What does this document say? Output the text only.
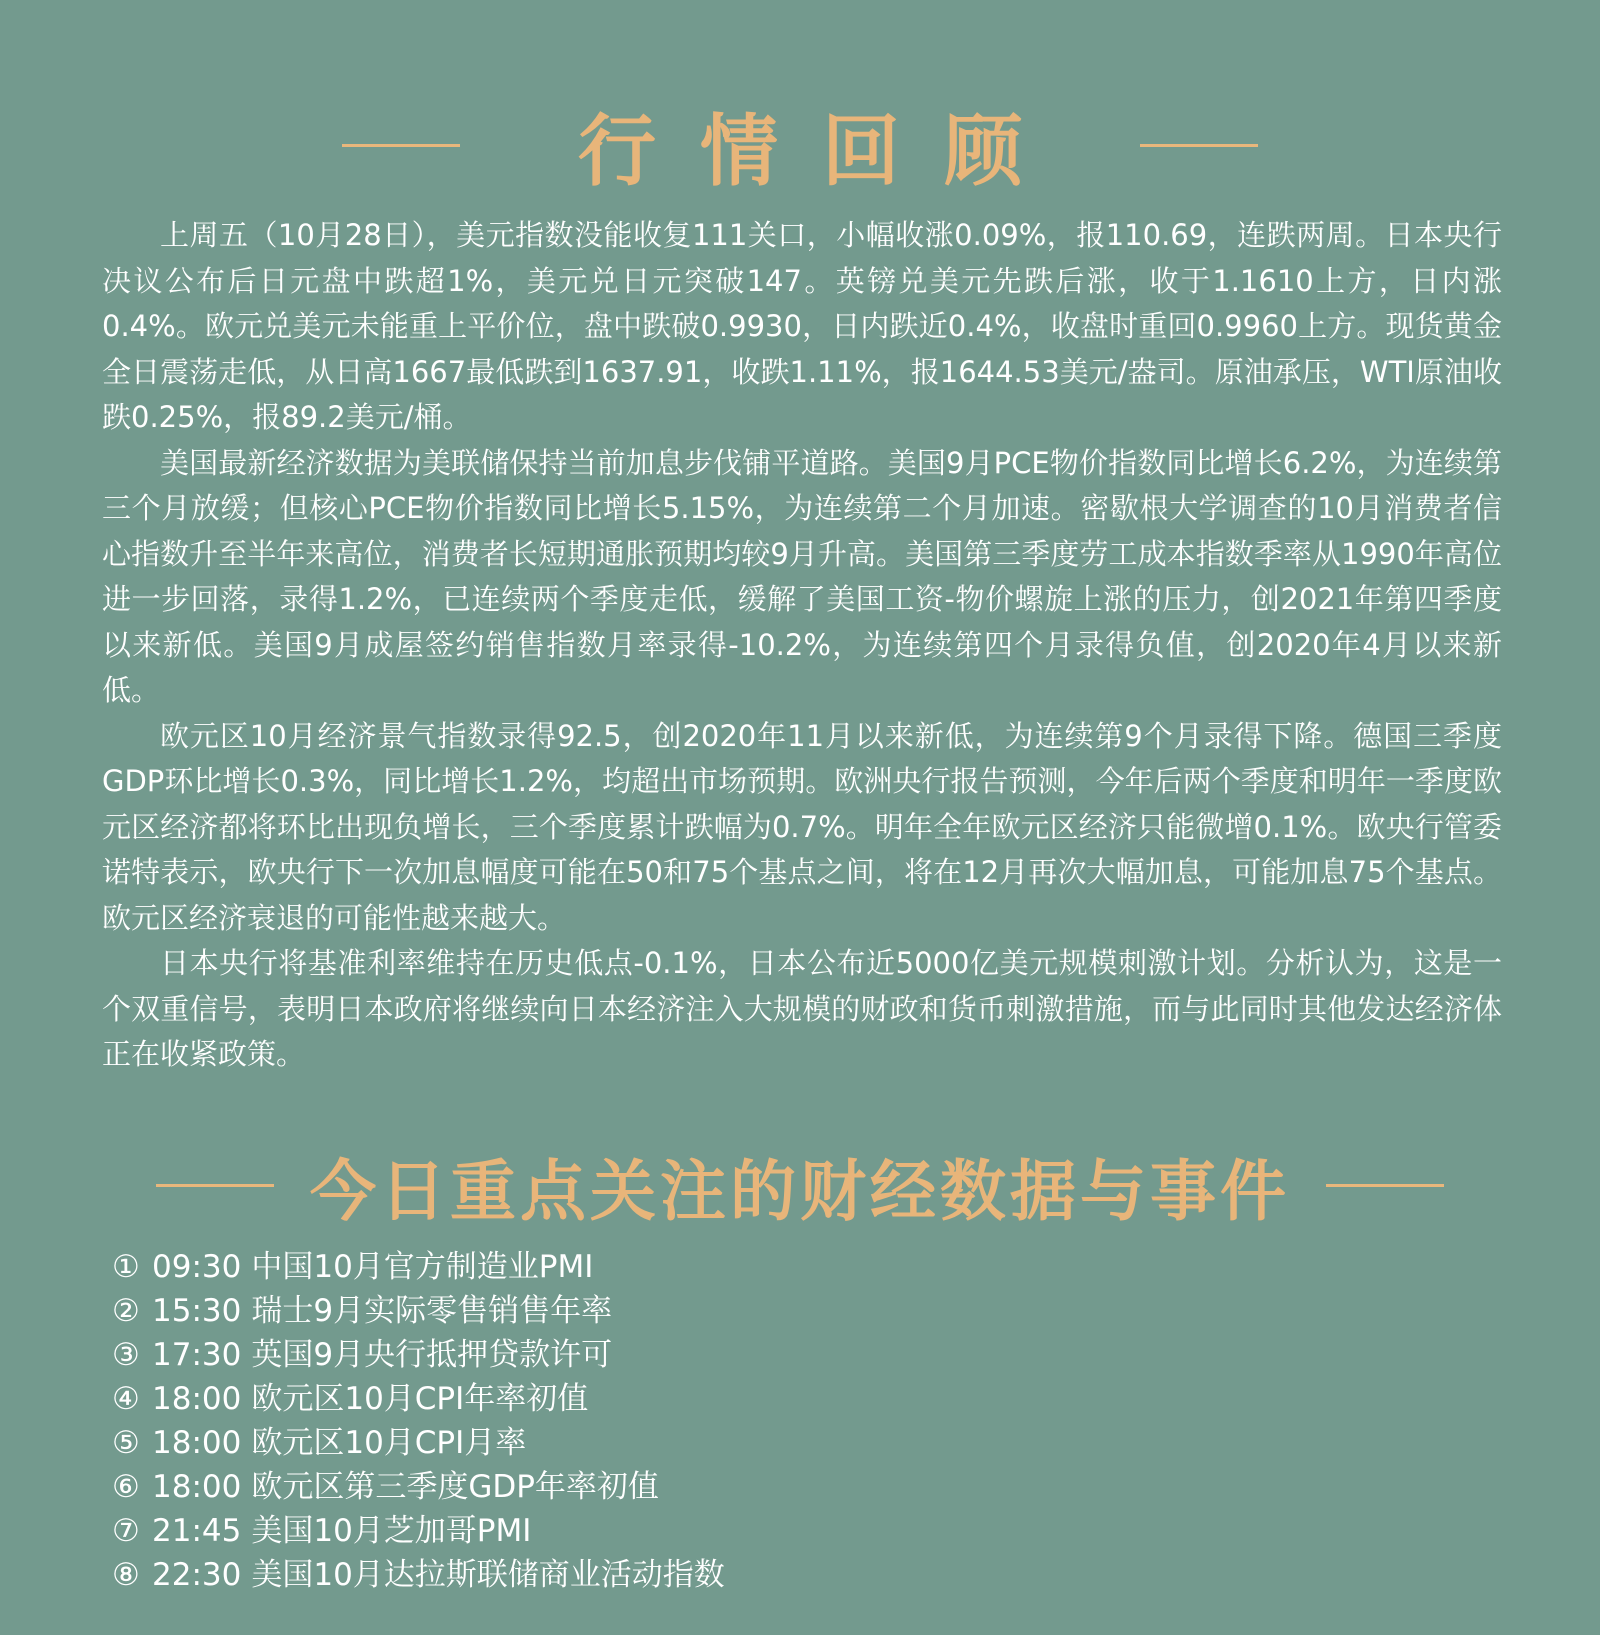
行情回顾

上周五（10月28日），美元指数没能收复111关口，小幅收涨0.09%，报110.69，连跌两周。日本央行决议公布后日元盘中跌超1%，美元兑日元突破147。英镑兑美元先跌后涨，收于1.1610上方，日内涨0.4%。欧元兑美元未能重上平价位，盘中跌破0.9930，日内跌近0.4%，收盘时重回0.9960上方。现货黄金全日震荡走低，从日高1667最低跌到1637.91，收跌1.11%，报1644.53美元/盎司。原油承压，WTI原油收跌0.25%，报89.2美元/桶。

美国最新经济数据为美联储保持当前加息步伐铺平道路。美国9月PCE物价指数同比增长6.2%，为连续第三个月放缓；但核心PCE物价指数同比增长5.15%，为连续第二个月加速。密歇根大学调查的10月消费者信心指数升至半年来高位，消费者长短期通胀预期均较9月升高。美国第三季度劳工成本指数季率从1990年高位进一步回落，录得1.2%，已连续两个季度走低，缓解了美国工资-物价螺旋上涨的压力，创2021年第四季度以来新低。美国9月成屋签约销售指数月率录得-10.2%，为连续第四个月录得负值，创2020年4月以来新低。

欧元区10月经济景气指数录得92.5，创2020年11月以来新低，为连续第9个月录得下降。德国三季度GDP环比增长0.3%，同比增长1.2%，均超出市场预期。欧洲央行报告预测，今年后两个季度和明年一季度欧元区经济都将环比出现负增长，三个季度累计跌幅为0.7%。明年全年欧元区经济只能微增0.1%。欧央行管委诺特表示，欧央行下一次加息幅度可能在50和75个基点之间，将在12月再次大幅加息，可能加息75个基点。欧元区经济衰退的可能性越来越大。

日本央行将基准利率维持在历史低点-0.1%，日本公布近5000亿美元规模刺激计划。分析认为，这是一个双重信号，表明日本政府将继续向日本经济注入大规模的财政和货币刺激措施，而与此同时其他发达经济体正在收紧政策。

今日重点关注的财经数据与事件
① 09:30 中国10月官方制造业PMI
② 15:30 瑞士9月实际零售销售年率
③ 17:30 英国9月央行抵押贷款许可
④ 18:00 欧元区10月CPI年率初值
⑤ 18:00 欧元区10月CPI月率
⑥ 18:00 欧元区第三季度GDP年率初值
⑦ 21:45 美国10月芝加哥PMI
⑧ 22:30 美国10月达拉斯联储商业活动指数
